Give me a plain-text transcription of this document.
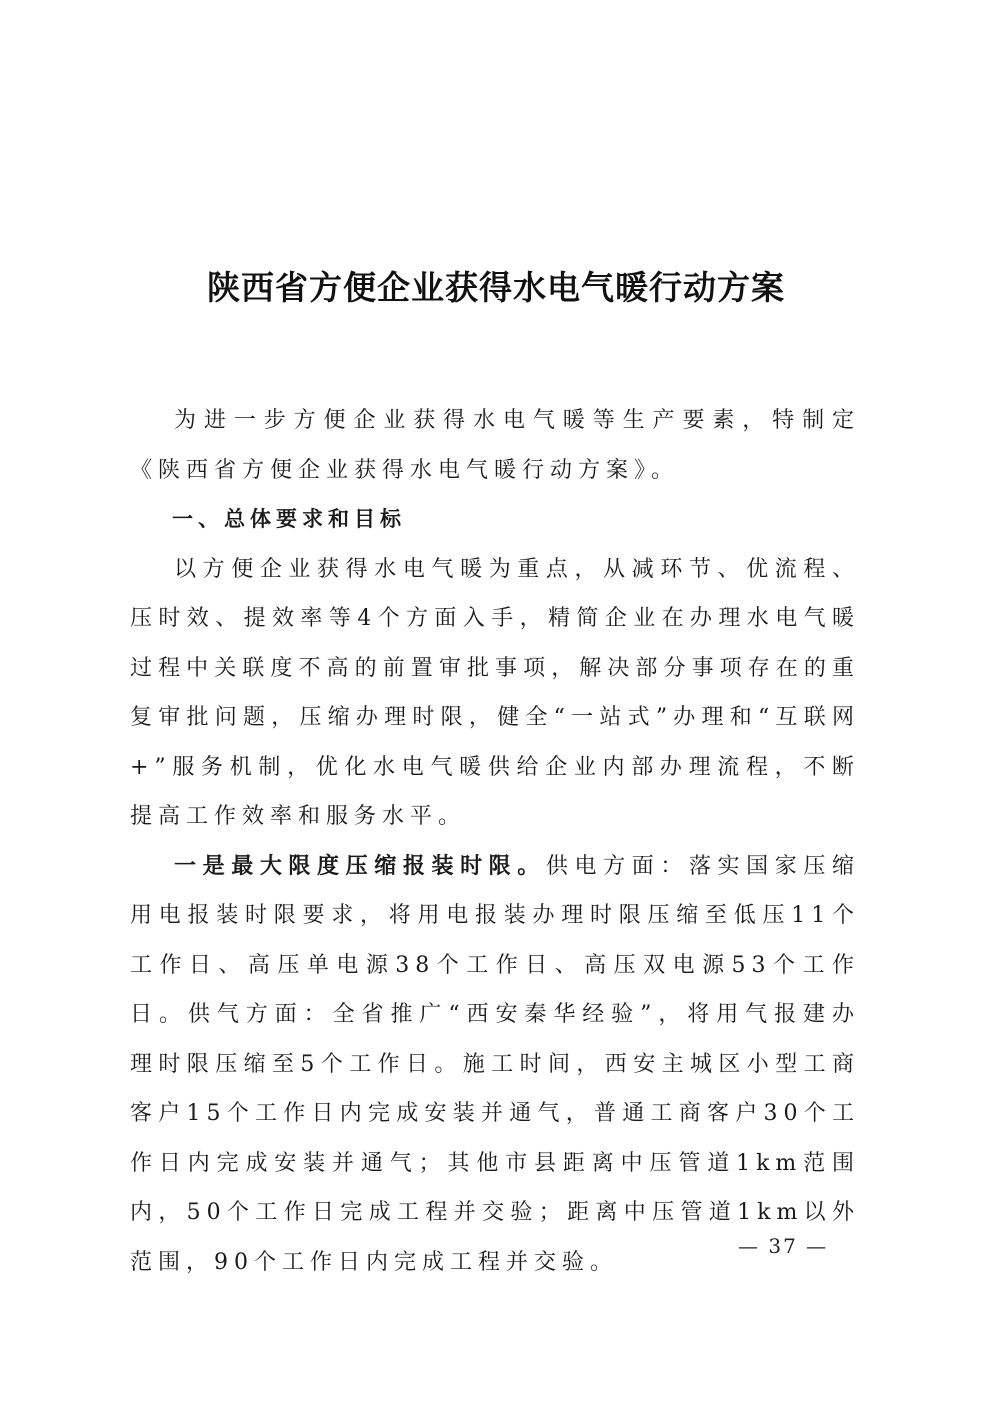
陕西省方便企业获得水电气暖行动方案

为进一步方便企业获得水电气暖等生产要素，特制定《陕西省方便企业获得水电气暖行动方案》。

一、总体要求和目标

以方便企业获得水电气暖为重点，从减环节、优流程、压时效、提效率等4个方面入手，精简企业在办理水电气暖过程中关联度不高的前置审批事项，解决部分事项存在的重复审批问题，压缩办理时限，健全“一站式”办理和“互联网+”服务机制，优化水电气暖供给企业内部办理流程，不断提高工作效率和服务水平。

一是最大限度压缩报装时限。供电方面：落实国家压缩用电报装时限要求，将用电报装办理时限压缩至低压11个工作日、高压单电源38个工作日、高压双电源53个工作日。供气方面：全省推广“西安秦华经验”，将用气报建办理时限压缩至5个工作日。施工时间，西安主城区小型工商客户15个工作日内完成安装并通气，普通工商客户30个工作日内完成安装并通气；其他市县距离中压管道1km范围内，50个工作日完成工程并交验；距离中压管道1km以外范围，90个工作日内完成工程并交验。

— 37 —
